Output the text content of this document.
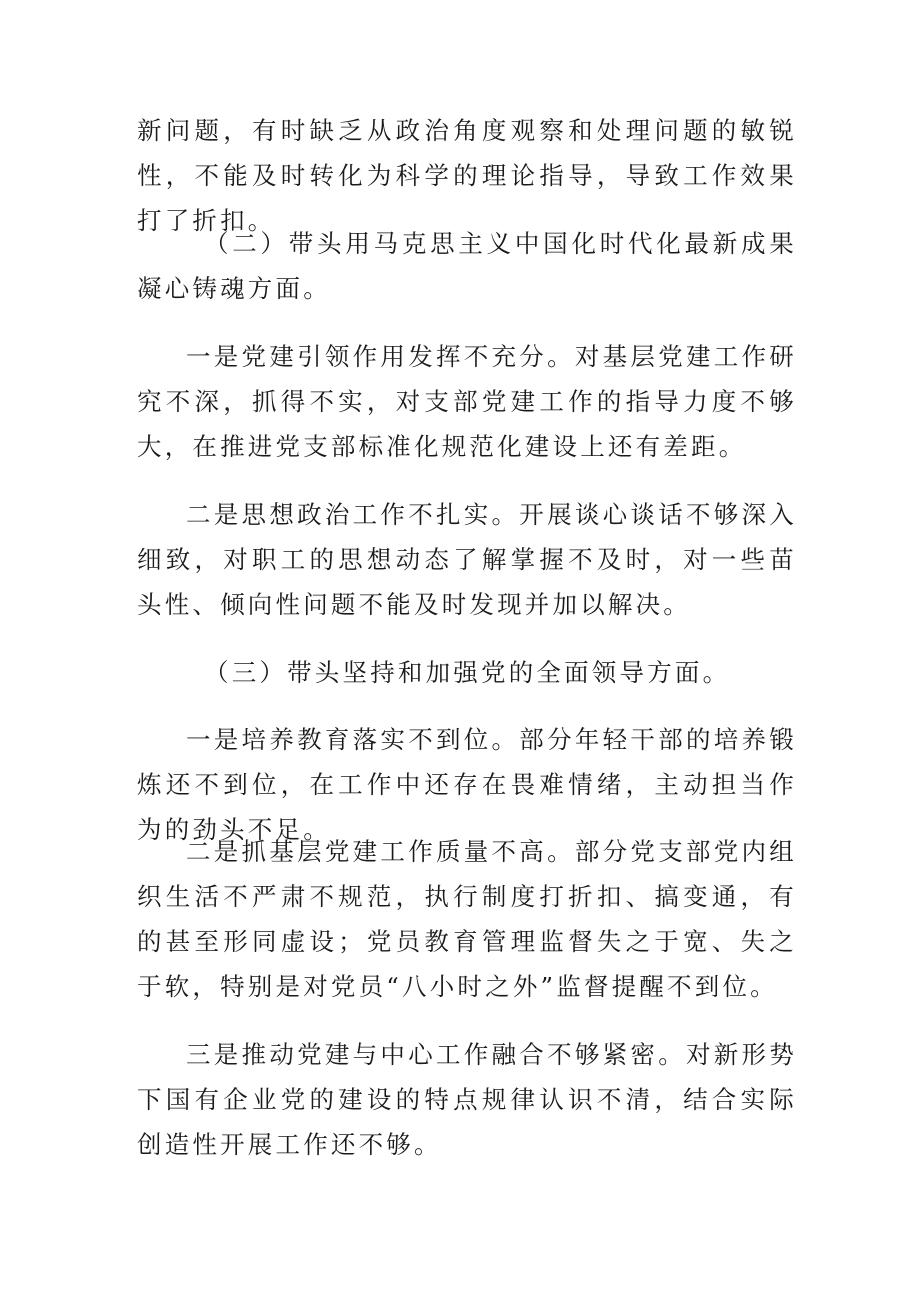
新问题，有时缺乏从政治角度观察和处理问题的敏锐性，不能及时转化为科学的理论指导，导致工作效果打了折扣。

（二）带头用马克思主义中国化时代化最新成果凝心铸魂方面。

一是党建引领作用发挥不充分。对基层党建工作研究不深，抓得不实，对支部党建工作的指导力度不够大，在推进党支部标准化规范化建设上还有差距。

二是思想政治工作不扎实。开展谈心谈话不够深入细致，对职工的思想动态了解掌握不及时，对一些苗头性、倾向性问题不能及时发现并加以解决。

（三）带头坚持和加强党的全面领导方面。

一是培养教育落实不到位。部分年轻干部的培养锻炼还不到位，在工作中还存在畏难情绪，主动担当作为的劲头不足。

二是抓基层党建工作质量不高。部分党支部党内组织生活不严肃不规范，执行制度打折扣、搞变通，有的甚至形同虚设；党员教育管理监督失之于宽、失之于软，特别是对党员“八小时之外”监督提醒不到位。

三是推动党建与中心工作融合不够紧密。对新形势下国有企业党的建设的特点规律认识不清，结合实际创造性开展工作还不够。
